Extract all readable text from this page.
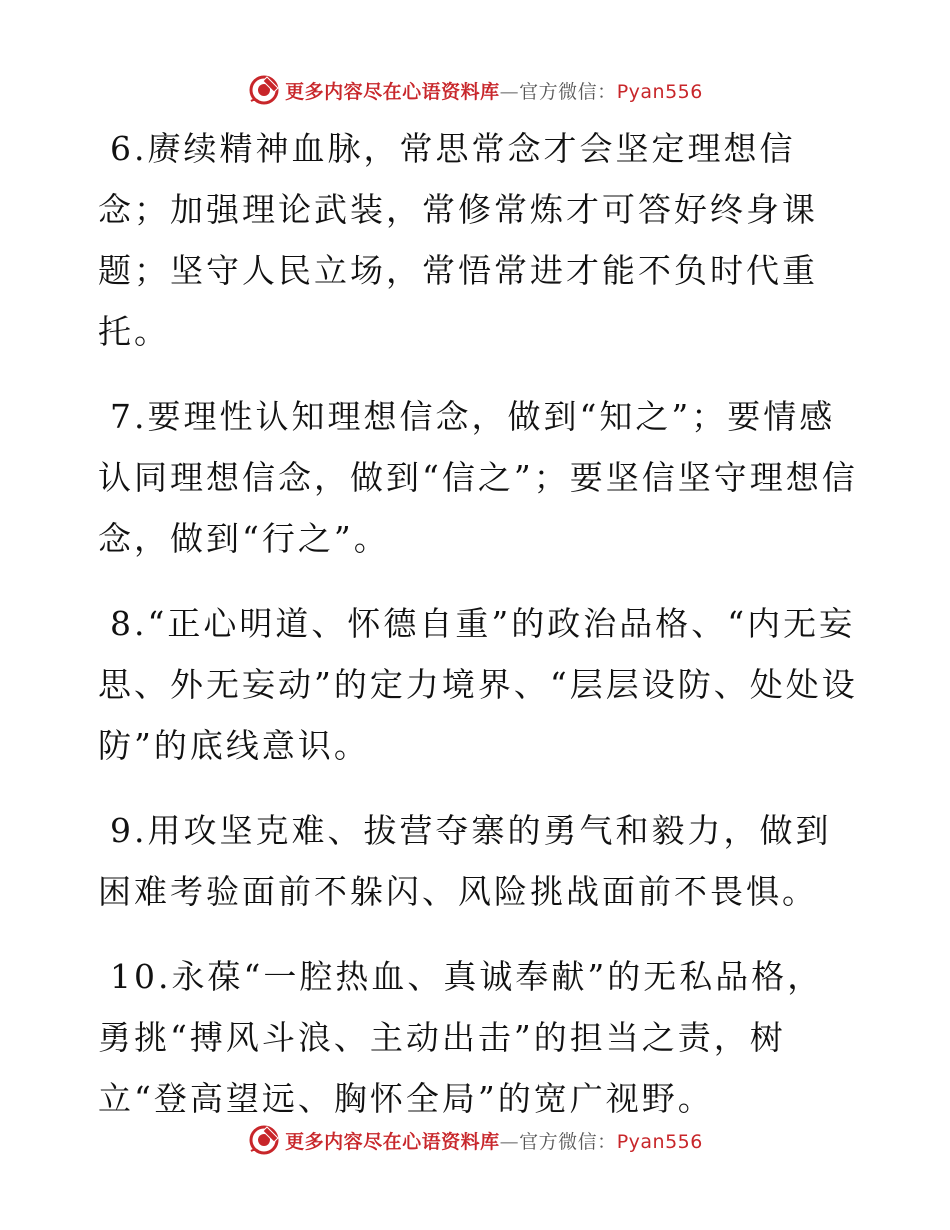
更多内容尽在心语资料库—官方微信：Pyan556

6.赓续精神血脉，常思常念才会坚定理想信念；加强理论武装，常修常炼才可答好终身课题；坚守人民立场，常悟常进才能不负时代重托。

7.要理性认知理想信念，做到“知之”；要情感认同理想信念，做到“信之”；要坚信坚守理想信念，做到“行之”。

8.“正心明道、怀德自重”的政治品格、“内无妄思、外无妄动”的定力境界、“层层设防、处处设防”的底线意识。

9.用攻坚克难、拔营夺寨的勇气和毅力，做到困难考验面前不躲闪、风险挑战面前不畏惧。

10.永葆“一腔热血、真诚奉献”的无私品格，勇挑“搏风斗浪、主动出击”的担当之责，树立“登高望远、胸怀全局”的宽广视野。

更多内容尽在心语资料库—官方微信：Pyan556
